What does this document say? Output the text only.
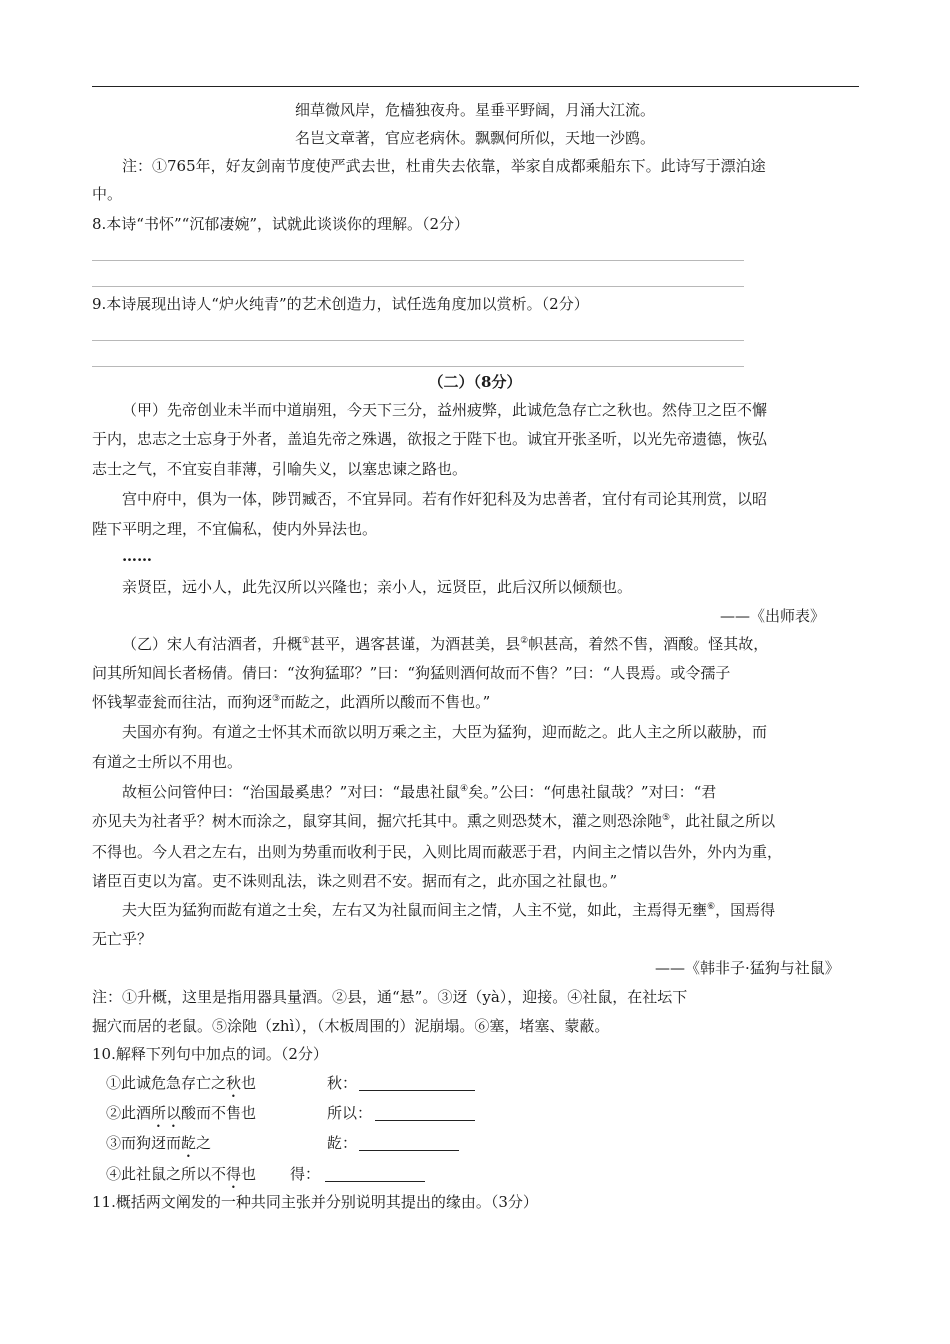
细草微风岸，危樯独夜舟。星垂平野阔，月涌大江流。
名岂文章著，官应老病休。飘飘何所似，天地一沙鸥。
注：①765年，好友剑南节度使严武去世，杜甫失去依靠，举家自成都乘船东下。此诗写于漂泊途
中。
8.本诗“书怀”“沉郁凄婉”，试就此谈谈你的理解。（2分）
9.本诗展现出诗人“炉火纯青”的艺术创造力，试任选角度加以赏析。（2分）
（二）（8分）
（甲）先帝创业未半而中道崩殂，今天下三分，益州疲弊，此诚危急存亡之秋也。然侍卫之臣不懈
于内，忠志之士忘身于外者，盖追先帝之殊遇，欲报之于陛下也。诚宜开张圣听，以光先帝遗德，恢弘
志士之气，不宜妄自菲薄，引喻失义，以塞忠谏之路也。
宫中府中，俱为一体，陟罚臧否，不宜异同。若有作奸犯科及为忠善者，宜付有司论其刑赏，以昭
陛下平明之理，不宜偏私，使内外异法也。
……
亲贤臣，远小人，此先汉所以兴隆也；亲小人，远贤臣，此后汉所以倾颓也。
——《出师表》
（乙）宋人有沽酒者，升概①甚平，遇客甚谨，为酒甚美，县②帜甚高，着然不售，酒酸。怪其故，
问其所知闾长者杨倩。倩曰：“汝狗猛耶？”曰：“狗猛则酒何故而不售？”曰：“人畏焉。或令孺子
怀钱挈壶瓮而往沽，而狗迓③而龁之，此酒所以酸而不售也。”
夫国亦有狗。有道之士怀其术而欲以明万乘之主，大臣为猛狗，迎而龁之。此人主之所以蔽胁，而
有道之士所以不用也。
故桓公问管仲曰：“治国最奚患？”对曰：“最患社鼠④矣。”公曰：“何患社鼠哉？”对曰：“君
亦见夫为社者乎？树木而涂之，鼠穿其间，掘穴托其中。熏之则恐焚木，灌之则恐涂阤⑤，此社鼠之所以
不得也。今人君之左右，出则为势重而收利于民，入则比周而蔽恶于君，内间主之情以告外，外内为重，
诸臣百吏以为富。吏不诛则乱法，诛之则君不安。据而有之，此亦国之社鼠也。”
夫大臣为猛狗而龁有道之士矣，左右又为社鼠而间主之情，人主不觉，如此，主焉得无壅⑥，国焉得
无亡乎？
——《韩非子·猛狗与社鼠》
注：①升概，这里是指用器具量酒。②县，通“悬”。③迓（yà），迎接。④社鼠，在社坛下
掘穴而居的老鼠。⑤涂阤（zhì），（木板周围的）泥崩塌。⑥塞，堵塞、蒙蔽。
10.解释下列句中加点的词。（2分）
①此诚危急存亡之秋也	秋：
②此酒所以酸而不售也	所以：
③而狗迓而龁之	龁：
④此社鼠之所以不得也 得：
11.概括两文阐发的一种共同主张并分别说明其提出的缘由。（3分）
